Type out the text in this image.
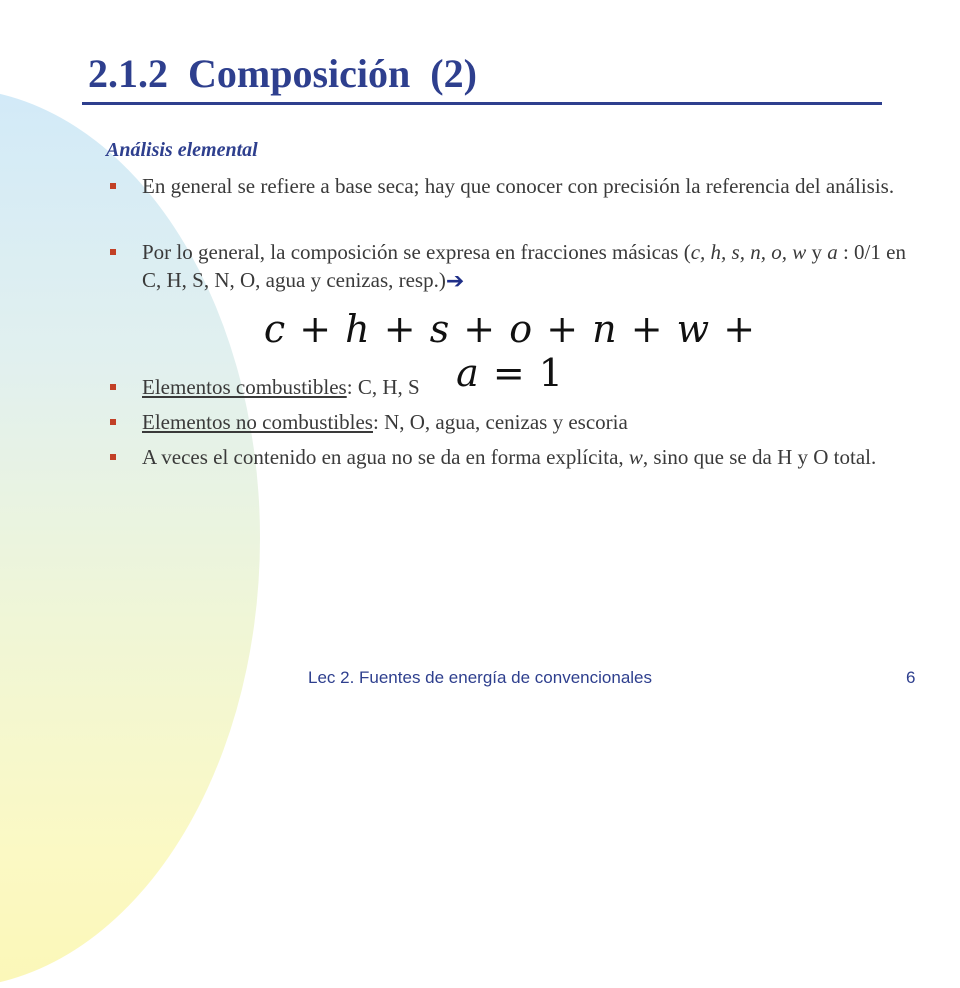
2.1.2  Composición  (2)
Análisis elemental
En general se refiere a base seca; hay que conocer con precisión la referencia del análisis.
Por lo general, la composición se expresa en fracciones másicas (c, h, s, n, o, w y a : 0/1 en C, H, S, N, O, agua y cenizas, resp.)➔
c + h + s + o + n + w + a = 1
Elementos combustibles: C, H, S
Elementos no combustibles: N, O, agua, cenizas y escoria
A veces el contenido en agua no se da en forma explícita, w, sino que se da H y O total.
Lec 2. Fuentes de energía de convencionales	6
